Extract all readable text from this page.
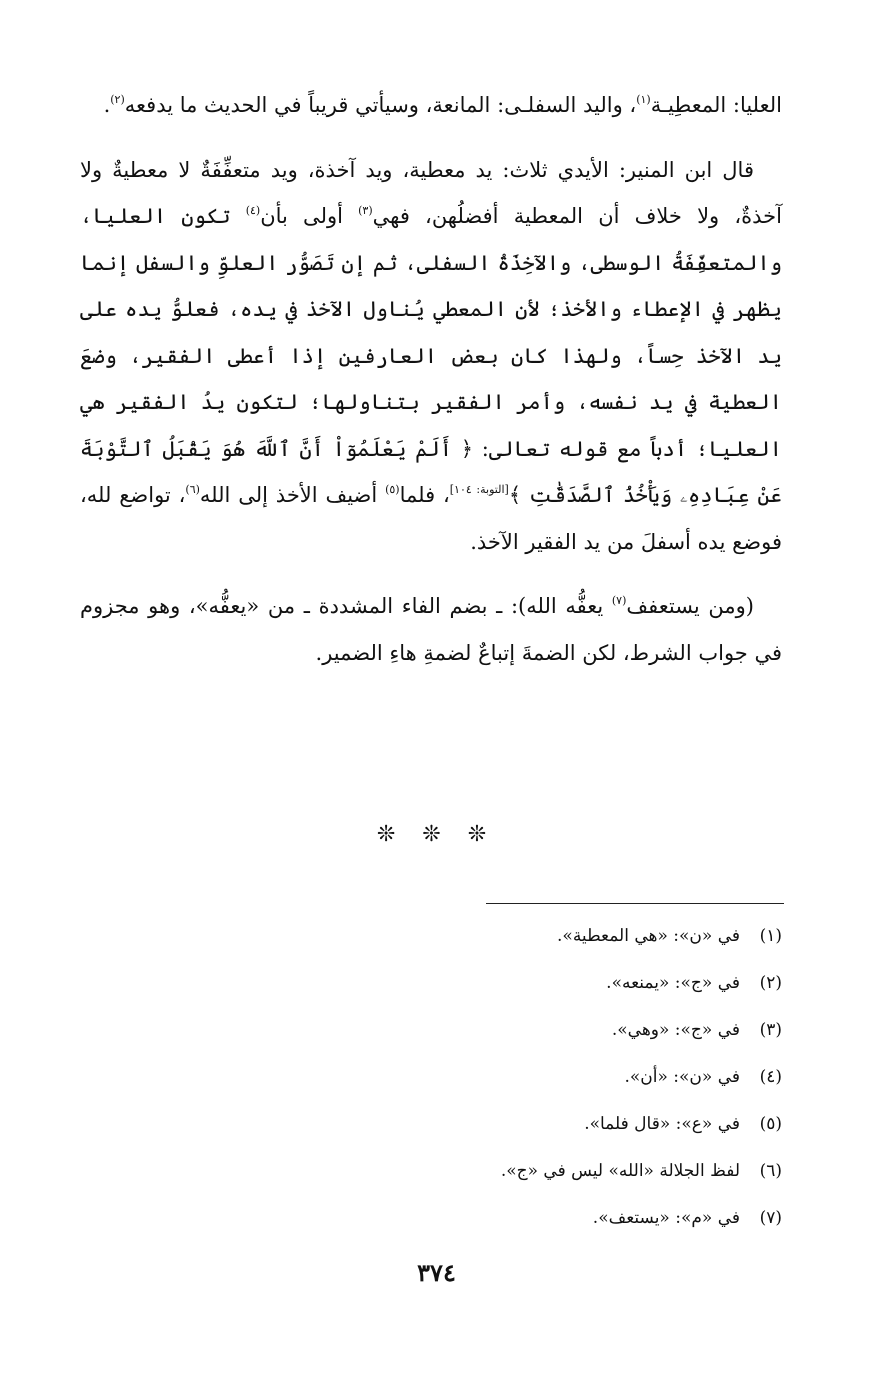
العليا: المعطِيـة$^{(١)}$، واليد السفلـى: المانعة، وسيأتي قريباً في الحديث ما يدفعه$^{(٢)}$.

قال ابن المنير: الأيدي ثلاث: يد معطية، ويد آخذة، ويد متعفِّفَةٌ لا معطيةٌ ولا آخذةٌ، ولا خلاف أن المعطية أفضلُهن، فهي$^{(٣)}$ أولى بأن$^{(٤)}$ تكون العليا، والمتعفِّفَةُ الوسطى، والآخِذَةُ السفلى، ثم إن تَصَوُّر العلوِّ والسفل إنما يظهر في الإعطاء والأخذ؛ لأن المعطي يُناول الآخذ في يده، فعلوُّ يده على يد الآخذ حِساً، ولهذا كان بعض العارفين إذا أعطى الفقير، وضعَ العطية في يد نفسه، وأمر الفقير بتناولها؛ لتكون يدُ الفقير هي العليا؛ أدباً مع قوله تعالى: ﴿ أَلَمْ يَعْلَمُوٓاْ أَنَّ ٱللَّهَ هُوَ يَقْبَلُ ٱلتَّوْبَةَ عَنْ عِبَادِهِۦ وَيَأْخُذُ ٱلصَّدَقَٰتِ ﴾[التوبة: ١٠٤]، فلما$^{(٥)}$ أضيف الأخذ إلى الله$^{(٦)}$، تواضع لله، فوضع يده أسفلَ من يد الفقير الآخذ.

(ومن يستعفف$^{(٧)}$ يعفُّه الله): ـ بضم الفاء المشددة ـ من «يعفُّه»، وهو مجزوم في جواب الشرط، لكن الضمةَ إتباعٌ لضمةِ هاءِ الضمير.

❊ ❊ ❊
(١)في «ن»: «هي المعطية».
(٢)في «ج»: «يمنعه».
(٣)في «ج»: «وهي».
(٤)في «ن»: «أن».
(٥)في «ع»: «قال فلما».
(٦)لفظ الجلالة «الله» ليس في «ج».
(٧)في «م»: «يستعف».
٣٧٤
